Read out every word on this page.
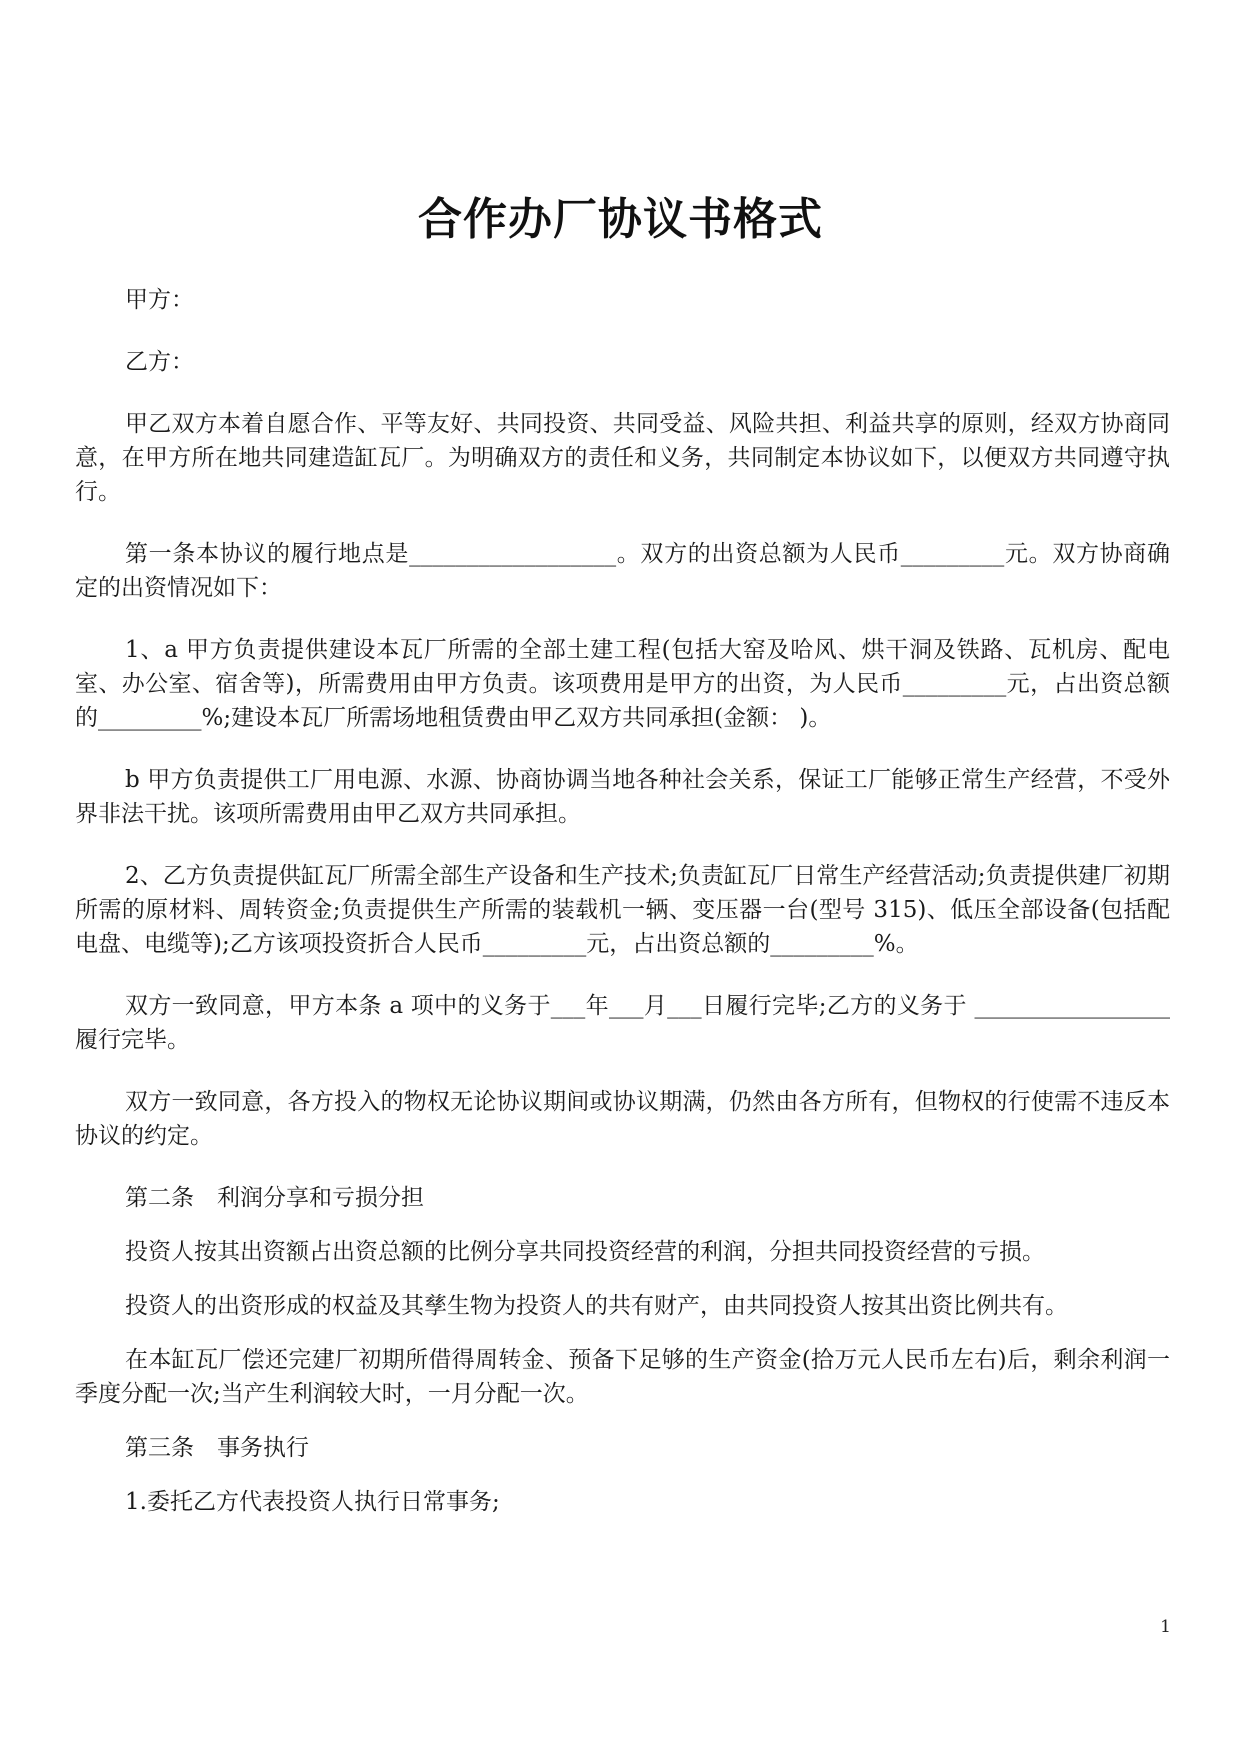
合作办厂协议书格式

甲方：

乙方：

甲乙双方本着自愿合作、平等友好、共同投资、共同受益、风险共担、利益共享的原则，经双方协商同意，在甲方所在地共同建造缸瓦厂。为明确双方的责任和义务，共同制定本协议如下，以便双方共同遵守执行。

第一条本协议的履行地点是__________________。双方的出资总额为人民币_________元。双方协商确定的出资情况如下：

1、a 甲方负责提供建设本瓦厂所需的全部土建工程(包括大窑及哈风、烘干洞及铁路、瓦机房、配电室、办公室、宿舍等)，所需费用由甲方负责。该项费用是甲方的出资，为人民币_________元，占出资总额的_________%;建设本瓦厂所需场地租赁费由甲乙双方共同承担(金额： )。

b 甲方负责提供工厂用电源、水源、协商协调当地各种社会关系，保证工厂能够正常生产经营，不受外界非法干扰。该项所需费用由甲乙双方共同承担。

2、乙方负责提供缸瓦厂所需全部生产设备和生产技术;负责缸瓦厂日常生产经营活动;负责提供建厂初期所需的原材料、周转资金;负责提供生产所需的装载机一辆、变压器一台(型号 315)、低压全部设备(包括配电盘、电缆等);乙方该项投资折合人民币_________元，占出资总额的_________%。

双方一致同意，甲方本条 a 项中的义务于___年___月___日履行完毕;乙方的义务于 _________________履行完毕。

双方一致同意，各方投入的物权无论协议期间或协议期满，仍然由各方所有，但物权的行使需不违反本协议的约定。

第二条　利润分享和亏损分担

投资人按其出资额占出资总额的比例分享共同投资经营的利润，分担共同投资经营的亏损。

投资人的出资形成的权益及其孳生物为投资人的共有财产，由共同投资人按其出资比例共有。

在本缸瓦厂偿还完建厂初期所借得周转金、预备下足够的生产资金(拾万元人民币左右)后，剩余利润一季度分配一次;当产生利润较大时，一月分配一次。

第三条　事务执行

1.委托乙方代表投资人执行日常事务;

1
